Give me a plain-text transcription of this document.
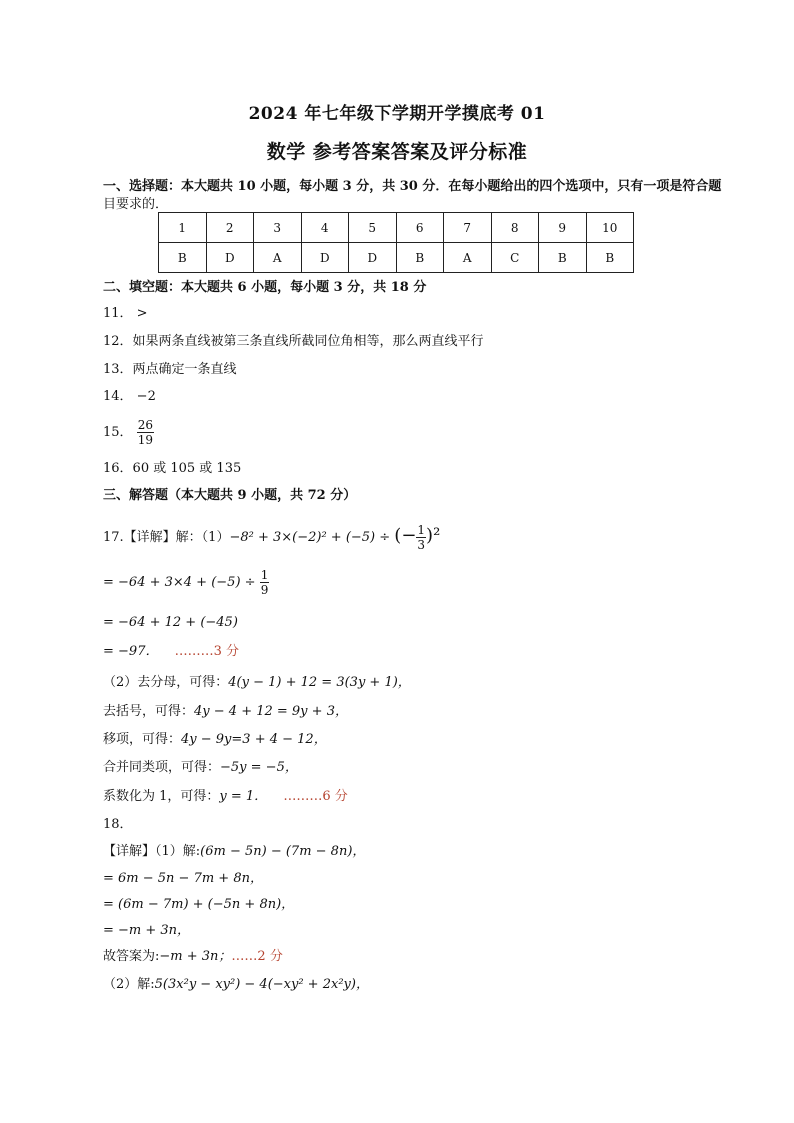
2024 年七年级下学期开学摸底考 01
数学 参考答案答案及评分标准
一、选择题：本大题共 10 小题，每小题 3 分，共 30 分．在每小题给出的四个选项中，只有一项是符合题
目要求的．
1	2	3	4	5	6	7	8	9	10
B	D	A	D	D	B	A	C	B	B
二、填空题：本大题共 6 小题，每小题 3 分，共 18 分
11． >
12．如果两条直线被第三条直线所截同位角相等，那么两直线平行
13．两点确定一条直线
14． −2
15． $\frac{26}{19}$
16．60 或 105 或 135
三、解答题（本大题共 9 小题，共 72 分）
17.【详解】解：（1）−8² + 3×(−2)² + (−5) ÷ (− $\frac{1}{3} )^2$
= $-64 + 3\times 4 + (-5) \div \frac{1}{9}$
= −64 + 12 + (−45)
= −97． ………3 分
（2）去分母，可得：4(y − 1) + 12 = 3(3y + 1)，
去括号，可得：4y − 4 + 12 = 9y + 3，
移项，可得：4y − 9y=3 + 4 − 12，
合并同类项，可得：−5y = −5，
系数化为 1，可得：y = 1． ………6 分
18．
【详解】（1）解:(6m − 5n) − (7m − 8n)，
= 6m − 5n − 7m + 8n，
= (6m − 7m) + (−5n + 8n)，
= −m + 3n，
故答案为:−m + 3n；……2 分
（2）解:5(3x²y − xy²) − 4(−xy² + 2x²y)，
